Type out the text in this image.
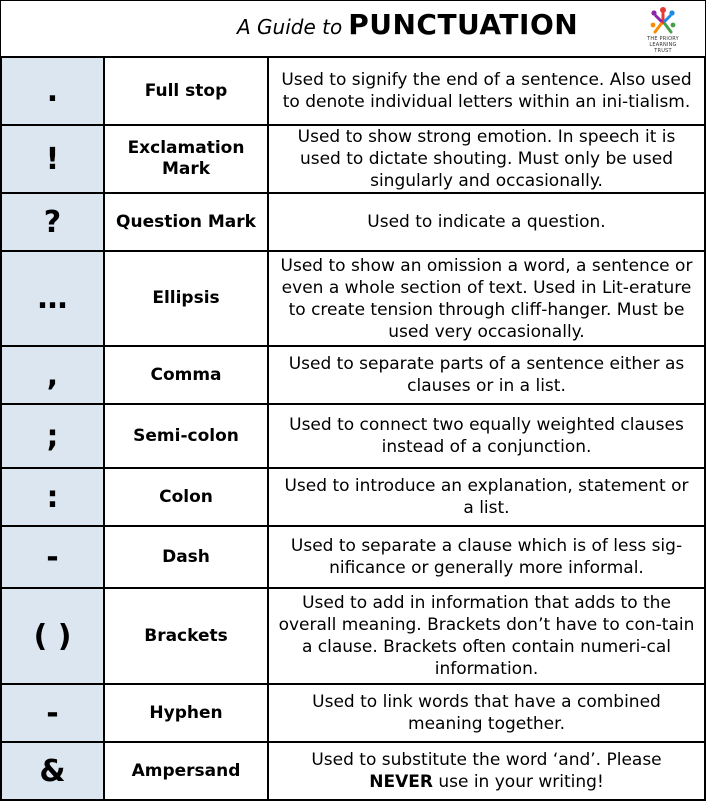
A Guide to PUNCTUATION	THE PRIORY
LEARNING TRUST
.	Full stop	Used to signify the end of a sentence. Also used to denote individual letters within an ini-tialism.
!	Exclamation Mark	Used to show strong emotion. In speech it is used to dictate shouting. Must only be used singularly and occasionally.
?	Question Mark	Used to indicate a question.
…	Ellipsis	Used to show an omission a word, a sentence or even a whole section of text. Used in Lit-erature to create tension through cliff-hanger. Must be used very occasionally.
,	Comma	Used to separate parts of a sentence either as clauses or in a list.
;	Semi-colon	Used to connect two equally weighted clauses instead of a conjunction.
:	Colon	Used to introduce an explanation, statement or a list.
-	Dash	Used to separate a clause which is of less sig-nificance or generally more informal.
( )	Brackets	Used to add in information that adds to the overall meaning. Brackets don’t have to con-tain a clause. Brackets often contain numeri-cal information.
-	Hyphen	Used to link words that have a combined meaning together.
&	Ampersand	Used to substitute the word ‘and’. Please NEVER use in your writing!
